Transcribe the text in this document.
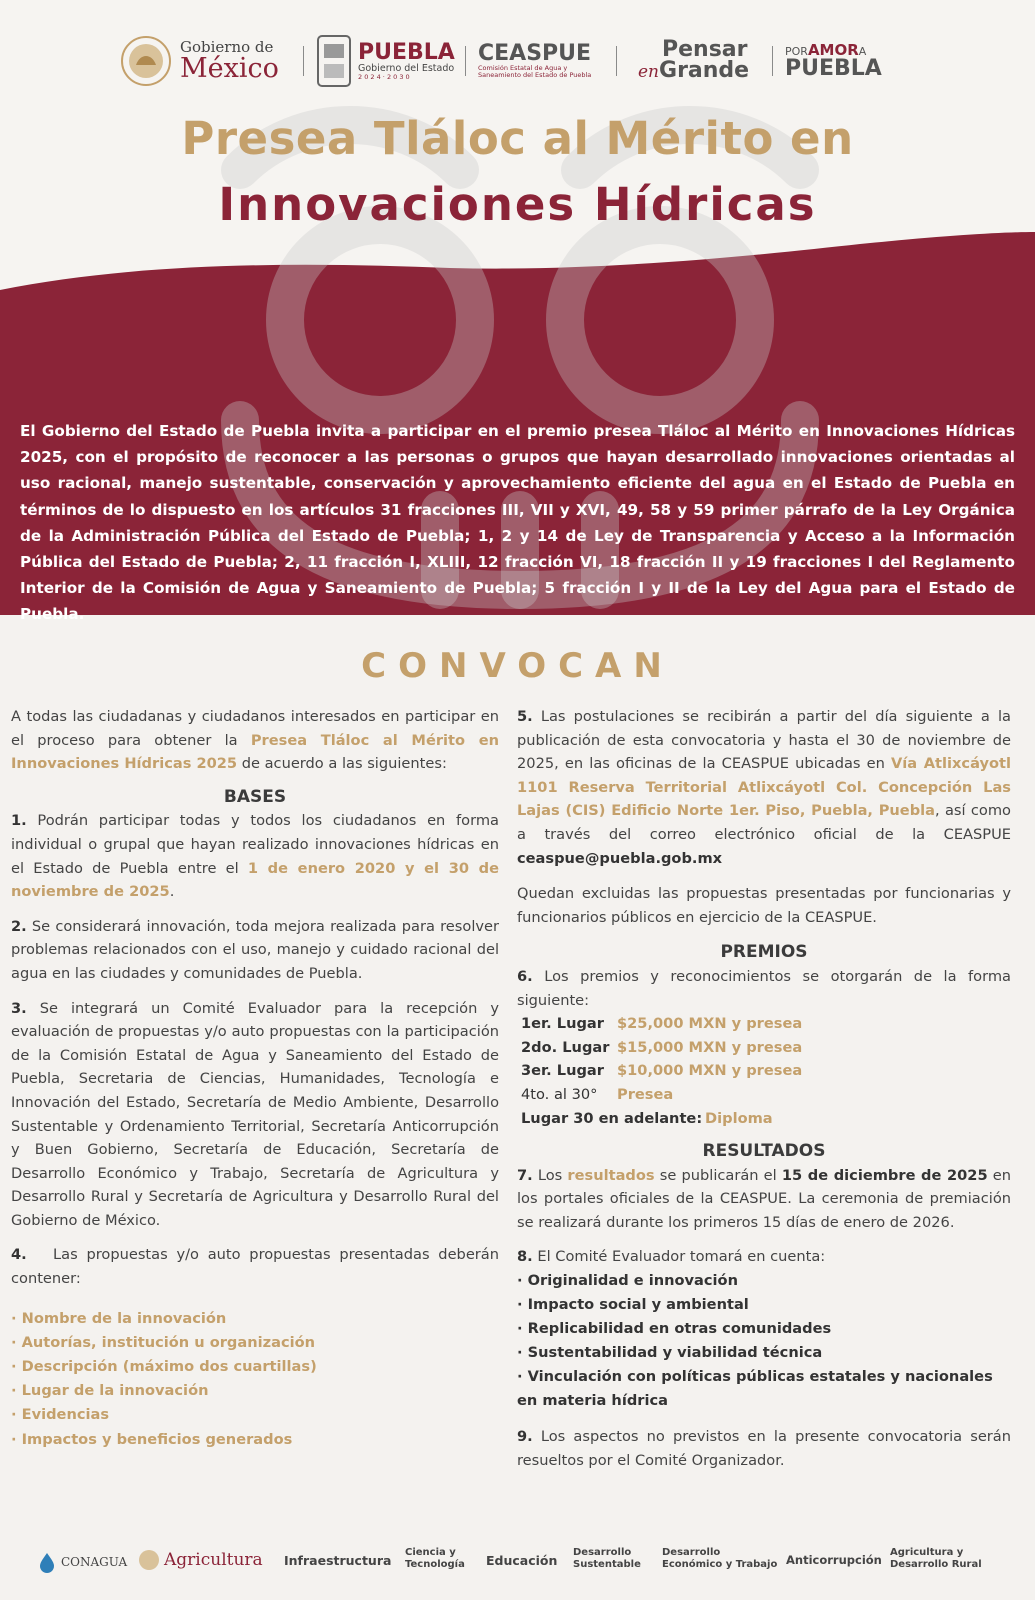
Gobierno de
México
PUEBLA
Gobierno del Estado
2 0 2 4 · 2 0 3 0
CEASPUE
Comisión Estatal de Agua y
Saneamiento del Estado de Puebla
Pensar
enGrande
PORAMORA
PUEBLA
Presea Tláloc al Mérito en
Innovaciones Hídricas
El Gobierno del Estado de Puebla invita a participar en el premio presea Tláloc al Mérito en Innovaciones Hídricas 2025, con el propósito de reconocer a las personas o grupos que hayan desarrollado innovaciones orientadas al uso racional, manejo sustentable, conservación y aprovechamiento eficiente del agua en el Estado de Puebla en términos de lo dispuesto en los artículos 31 fracciones III, VII y XVI, 49, 58 y 59 primer párrafo de la Ley Orgánica de la Administración Pública del Estado de Puebla; 1, 2 y 14 de Ley de Transparencia y Acceso a la Información Pública del Estado de Puebla; 2, 11 fracción I, XLIII, 12 fracción VI, 18 fracción II y 19 fracciones I del Reglamento Interior de la Comisión de Agua y Saneamiento de Puebla; 5 fracción I y II de la Ley del Agua para el Estado de Puebla.
CONVOCAN

A todas las ciudadanas y ciudadanos interesados en participar en el proceso para obtener la Presea Tláloc al Mérito en Innovaciones Hídricas 2025 de acuerdo a las siguientes:

BASES

1. Podrán participar todas y todos los ciudadanos en forma individual o grupal que hayan realizado innovaciones hídricas en el Estado de Puebla entre el 1 de enero 2020 y el 30 de noviembre de 2025.

2. Se considerará innovación, toda mejora realizada para resolver problemas relacionados con el uso, manejo y cuidado racional del agua en las ciudades y comunidades de Puebla.

3. Se integrará un Comité Evaluador para la recepción y evaluación de propuestas y/o auto propuestas con la participación de la Comisión Estatal de Agua y Saneamiento del Estado de Puebla, Secretaria de Ciencias, Humanidades, Tecnología e Innovación del Estado, Secretaría de Medio Ambiente, Desarrollo Sustentable y Ordenamiento Territorial, Secretaría Anticorrupción y Buen Gobierno, Secretaría de Educación, Secretaría de Desarrollo Económico y Trabajo, Secretaría de Agricultura y Desarrollo Rural y Secretaría de Agricultura y Desarrollo Rural del Gobierno de México.

4.   Las propuestas y/o auto propuestas presentadas deberán contener:

· Nombre de la innovación
· Autorías, institución u organización
· Descripción (máximo dos cuartillas)
· Lugar de la innovación
· Evidencias
· Impactos y beneficios generados

5. Las postulaciones se recibirán a partir del día siguiente a la publicación de esta convocatoria y hasta el 30 de noviembre de 2025, en las oficinas de la CEASPUE ubicadas en Vía Atlixcáyotl 1101 Reserva Territorial Atlixcáyotl Col. Concepción Las Lajas (CIS) Edificio Norte 1er. Piso, Puebla, Puebla, así como a través del correo electrónico oficial de la CEASPUE ceaspue@puebla.gob.mx

Quedan excluidas las propuestas presentadas por funcionarias y funcionarios públicos en ejercicio de la CEASPUE.

PREMIOS

6. Los premios y reconocimientos se otorgarán de la forma siguiente:

1er. Lugar $25,000 MXN y presea
2do. Lugar $15,000 MXN y presea
3er. Lugar $10,000 MXN y presea
4to. al 30°	Presea
Lugar 30 en adelante: Diploma
RESULTADOS

7. Los resultados se publicarán el 15 de diciembre de 2025 en los portales oficiales de la CEASPUE. La ceremonia de premiación se realizará durante los primeros 15 días de enero de 2026.

8. El Comité Evaluador tomará en cuenta:

· Originalidad e innovación
· Impacto social y ambiental
· Replicabilidad en otras comunidades
· Sustentabilidad y viabilidad técnica
· Vinculación con políticas públicas estatales y nacionales en materia hídrica

9. Los aspectos no previstos en la presente convocatoria serán resueltos por el Comité Organizador.

CONAGUA Agricultura Infraestructura
Ciencia y
Tecnología Educación
Desarrollo
Sustentable
Desarrollo
Económico y Trabajo Anticorrupción
Agricultura y
Desarrollo Rural
